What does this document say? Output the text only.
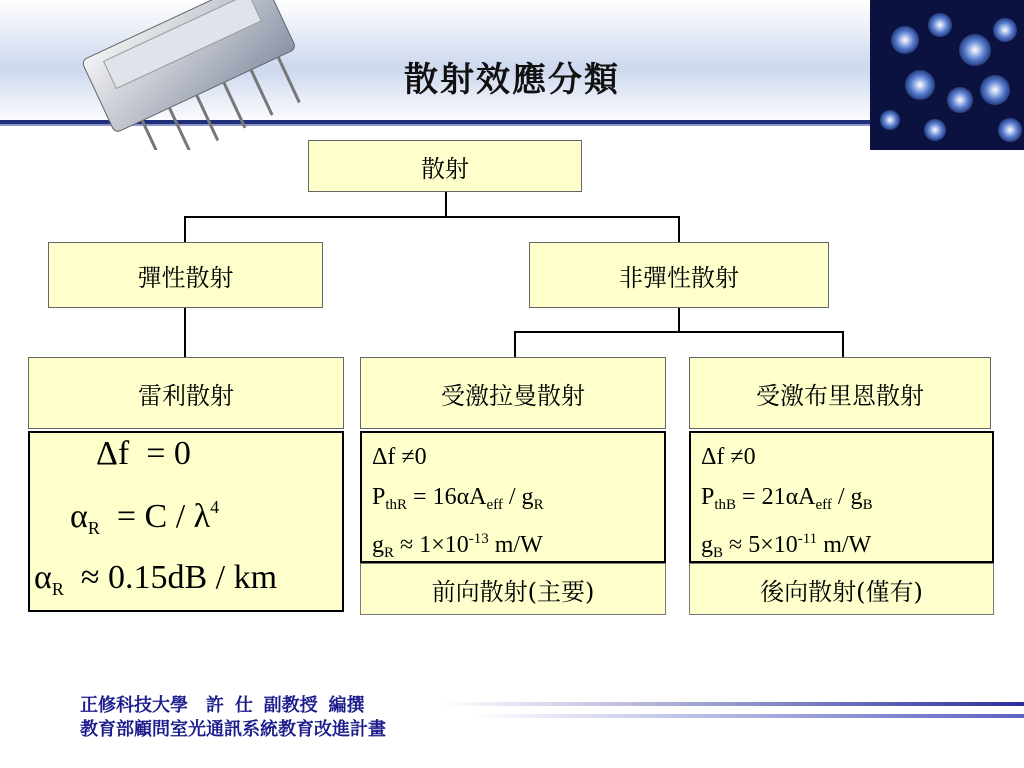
散射效應分類
散射
彈性散射	非彈性散射
雷利散射	受激拉曼散射	受激布里恩散射
Δf = 0
$\alpha_R = C / \lambda^4$
$\alpha_R \approx 0.15dB$ / km
Δf ≠0
$P_{thR} = 16\alpha A_{eff} / g_R$
$g_R \approx 1\times 10^{-13}$ m/W
前向散射(主要)
Δf ≠0
$P_{thB} = 21\alpha A_{eff} / g_B$
$g_B \approx 5\times 10^{-11}$ m/W
後向散射(僅有)
正修科技大學　許 仕 副教授 編撰
教育部顧問室光通訊系統教育改進計畫
